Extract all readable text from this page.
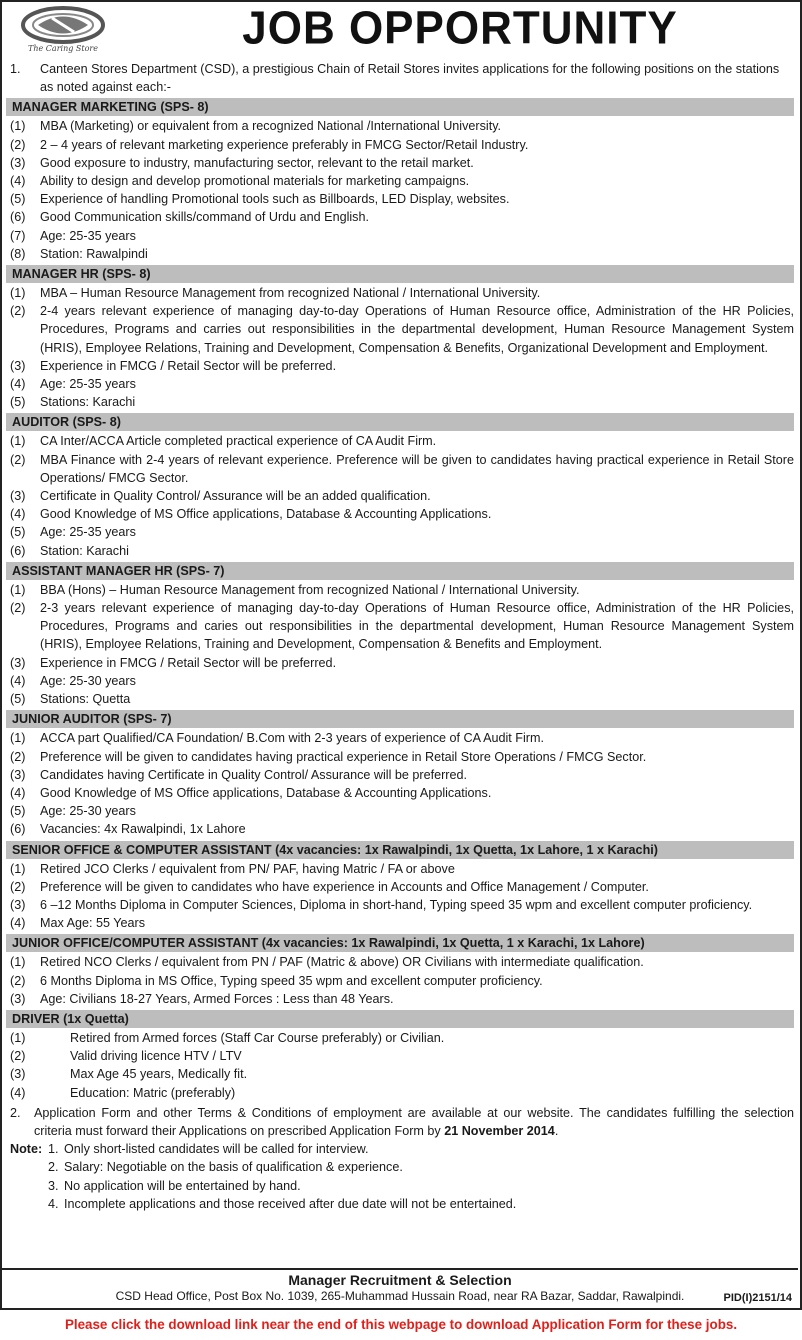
The Caring Store	JOB OPPORTUNITY
1.	Canteen Stores Department (CSD), a prestigious Chain of Retail Stores invites applications for the following positions on the stations as noted against each:-
MANAGER MARKETING (SPS- 8)
(1)	MBA (Marketing) or equivalent from a recognized National /International University.
(2)	2 – 4 years of relevant marketing experience preferably in FMCG Sector/Retail Industry.
(3)	Good exposure to industry, manufacturing sector, relevant to the retail market.
(4)	Ability to design and develop promotional materials for marketing campaigns.
(5)	Experience of handling Promotional tools such as Billboards, LED Display, websites.
(6)	Good Communication skills/command of Urdu and English.
(7)	Age: 25-35 years
(8)	Station: Rawalpindi
MANAGER HR (SPS- 8)
(1)	MBA – Human Resource Management from recognized National / International University.
(2)	2-4 years relevant experience of managing day-to-day Operations of Human Resource office, Administration of the HR Policies, Procedures, Programs and carries out responsibilities in the departmental development, Human Resource Management System (HRIS), Employee Relations, Training and Development, Compensation & Benefits, Organizational Development and Employment.
(3)	Experience in FMCG / Retail Sector will be preferred.
(4)	Age: 25-35 years
(5)	Stations: Karachi
AUDITOR (SPS- 8)
(1)	CA Inter/ACCA Article completed practical experience of CA Audit Firm.
(2)	MBA Finance with 2-4 years of relevant experience. Preference will be given to candidates having practical experience in Retail Store Operations/ FMCG Sector.
(3)	Certificate in Quality Control/ Assurance will be an added qualification.
(4)	Good Knowledge of MS Office applications, Database & Accounting Applications.
(5)	Age: 25-35 years
(6)	Station: Karachi
ASSISTANT MANAGER HR (SPS- 7)
(1)	BBA (Hons) – Human Resource Management from recognized National / International University.
(2)	2-3 years relevant experience of managing day-to-day Operations of Human Resource office, Administration of the HR Policies, Procedures, Programs and caries out responsibilities in the departmental development, Human Resource Management System (HRIS), Employee Relations, Training and Development, Compensation & Benefits and Employment.
(3)	Experience in FMCG / Retail Sector will be preferred.
(4)	Age: 25-30 years
(5)	Stations: Quetta
JUNIOR AUDITOR (SPS- 7)
(1)	ACCA part Qualified/CA Foundation/ B.Com with 2-3 years of experience of CA Audit Firm.
(2)	Preference will be given to candidates having practical experience in Retail Store Operations / FMCG Sector.
(3)	Candidates having Certificate in Quality Control/ Assurance will be preferred.
(4)	Good Knowledge of MS Office applications, Database & Accounting Applications.
(5)	Age: 25-30 years
(6)	Vacancies: 4x Rawalpindi, 1x Lahore
SENIOR OFFICE & COMPUTER ASSISTANT (4x vacancies: 1x Rawalpindi, 1x Quetta, 1x Lahore, 1 x Karachi)
(1)	Retired JCO Clerks / equivalent from PN/ PAF, having Matric / FA or above
(2)	Preference will be given to candidates who have experience in Accounts and Office Management / Computer.
(3)	6 –12 Months Diploma in Computer Sciences, Diploma in short-hand, Typing speed 35 wpm and excellent computer proficiency.
(4)	Max Age: 55 Years
JUNIOR OFFICE/COMPUTER ASSISTANT (4x vacancies: 1x Rawalpindi, 1x Quetta, 1 x Karachi, 1x Lahore)
(1)	Retired NCO Clerks / equivalent from PN / PAF (Matric & above) OR Civilians with intermediate qualification.
(2)	6 Months Diploma in MS Office, Typing speed 35 wpm and excellent computer proficiency.
(3)	Age: Civilians 18-27 Years, Armed Forces : Less than 48 Years.
DRIVER (1x Quetta)
(1)	Retired from Armed forces (Staff Car Course preferably) or Civilian.
(2)	Valid driving licence HTV / LTV
(3)	Max Age 45 years, Medically fit.
(4)	Education: Matric (preferably)
2.	Application Form and other Terms & Conditions of employment are available at our website. The candidates fulfilling the selection criteria must forward their Applications on prescribed Application Form by 21 November 2014.
Note: 1. Only short-listed candidates will be called for interview.
2. Salary: Negotiable on the basis of qualification & experience.
3. No application will be entertained by hand.
4. Incomplete applications and those received after due date will not be entertained.
Manager Recruitment & Selection
CSD Head Office, Post Box No. 1039, 265-Muhammad Hussain Road, near RA Bazar, Saddar, Rawalpindi.	PID(I)2151/14
Please click the download link near the end of this webpage to download Application Form for these jobs.
